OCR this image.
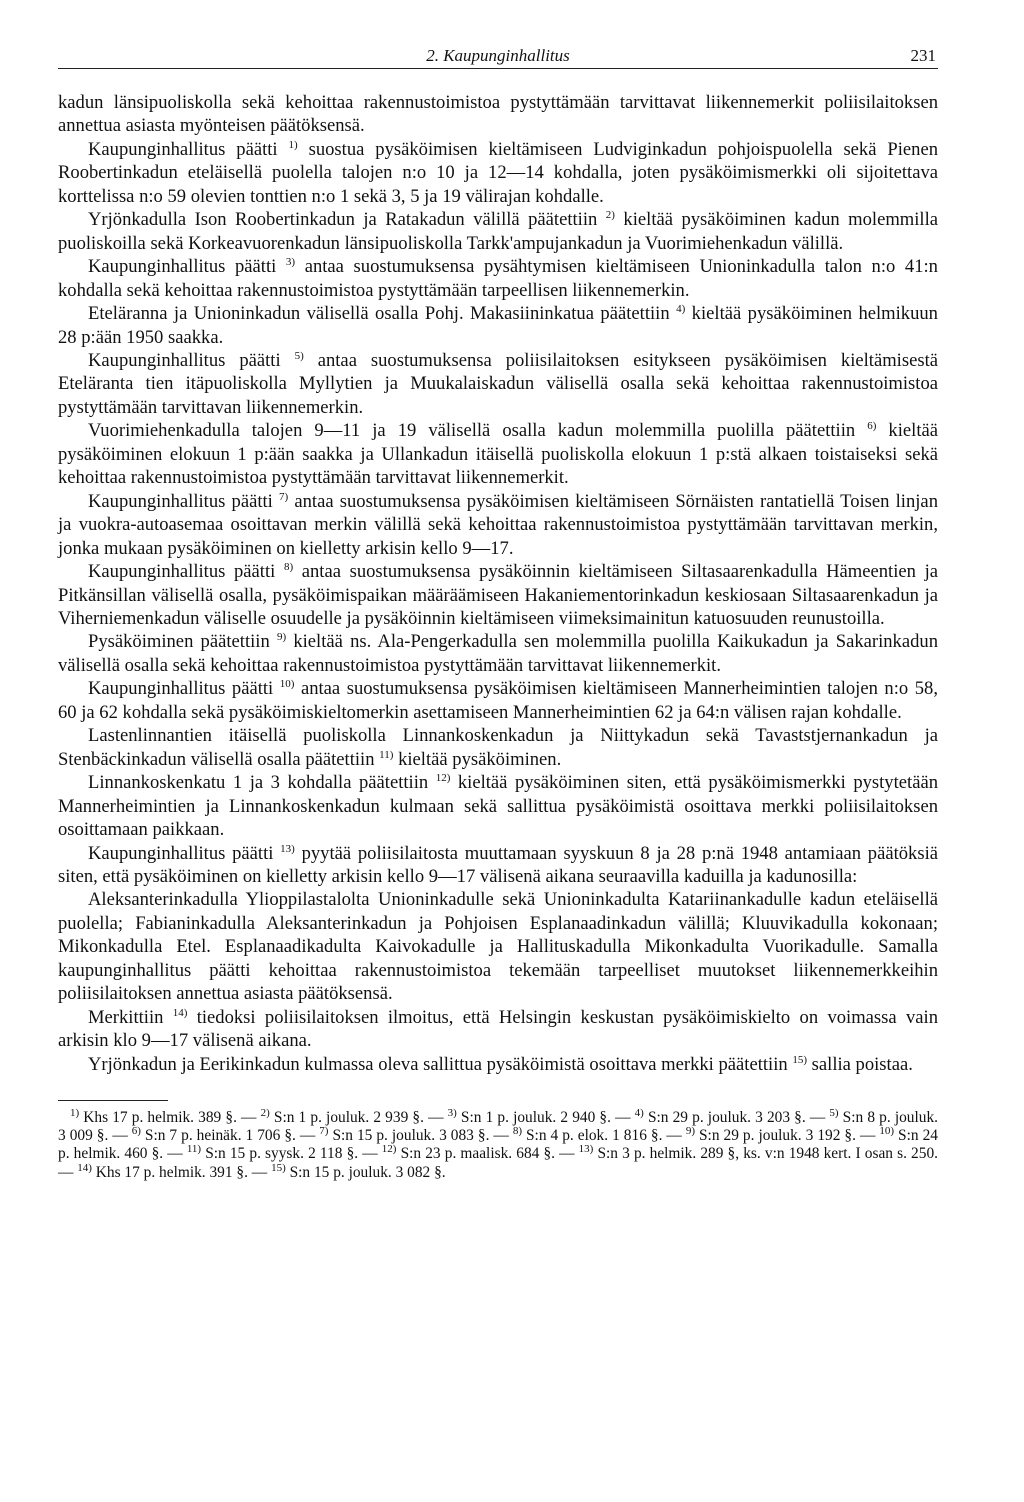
2. Kaupunginhallitus	231

kadun länsipuoliskolla sekä kehoittaa rakennustoimistoa pystyttämään tarvittavat liikennemerkit poliisilaitoksen annettua asiasta myönteisen päätöksensä.

Kaupunginhallitus päätti $^{1)}$ suostua pysäköimisen kieltämiseen Ludviginkadun pohjoispuolella sekä Pienen Roobertinkadun eteläisellä puolella talojen n:o 10 ja 12—14 kohdalla, joten pysäköimismerkki oli sijoitettava korttelissa n:o 59 olevien tonttien n:o 1 sekä 3, 5 ja 19 välirajan kohdalle.

Yrjönkadulla Ison Roobertinkadun ja Ratakadun välillä päätettiin $^{2)}$ kieltää pysäköiminen kadun molemmilla puoliskoilla sekä Korkeavuorenkadun länsipuoliskolla Tarkk'ampujankadun ja Vuorimiehenkadun välillä.

Kaupunginhallitus päätti $^{3)}$ antaa suostumuksensa pysähtymisen kieltämiseen Unioninkadulla talon n:o 41:n kohdalla sekä kehoittaa rakennustoimistoa pystyttämään tarpeellisen liikennemerkin.

Eteläranna ja Unioninkadun välisellä osalla Pohj. Makasiininkatua päätettiin $^{4)}$ kieltää pysäköiminen helmikuun 28 p:ään 1950 saakka.

Kaupunginhallitus päätti $^{5)}$ antaa suostumuksensa poliisilaitoksen esitykseen pysäköimisen kieltämisestä Eteläranta tien itäpuoliskolla Myllytien ja Muukalaiskadun välisellä osalla sekä kehoittaa rakennustoimistoa pystyttämään tarvittavan liikennemerkin.

Vuorimiehenkadulla talojen 9—11 ja 19 välisellä osalla kadun molemmilla puolilla päätettiin $^{6)}$ kieltää pysäköiminen elokuun 1 p:ään saakka ja Ullankadun itäisellä puoliskolla elokuun 1 p:stä alkaen toistaiseksi sekä kehoittaa rakennustoimistoa pystyttämään tarvittavat liikennemerkit.

Kaupunginhallitus päätti $^{7)}$ antaa suostumuksensa pysäköimisen kieltämiseen Sörnäisten rantatiellä Toisen linjan ja vuokra-autoasemaa osoittavan merkin välillä sekä kehoittaa rakennustoimistoa pystyttämään tarvittavan merkin, jonka mukaan pysäköiminen on kielletty arkisin kello 9—17.

Kaupunginhallitus päätti $^{8)}$ antaa suostumuksensa pysäköinnin kieltämiseen Siltasaarenkadulla Hämeentien ja Pitkänsillan välisellä osalla, pysäköimispaikan määräämiseen Hakaniementorinkadun keskiosaan Siltasaarenkadun ja Viherniemenkadun väliselle osuudelle ja pysäköinnin kieltämiseen viimeksimainitun katuosuuden reunustoilla.

Pysäköiminen päätettiin $^{9)}$ kieltää ns. Ala-Pengerkadulla sen molemmilla puolilla Kaikukadun ja Sakarinkadun välisellä osalla sekä kehoittaa rakennustoimistoa pystyttämään tarvittavat liikennemerkit.

Kaupunginhallitus päätti $^{10)}$ antaa suostumuksensa pysäköimisen kieltämiseen Mannerheimintien talojen n:o 58, 60 ja 62 kohdalla sekä pysäköimiskieltomerkin asettamiseen Mannerheimintien 62 ja 64:n välisen rajan kohdalle.

Lastenlinnantien itäisellä puoliskolla Linnankoskenkadun ja Niittykadun sekä Tavaststjernankadun ja Stenbäckinkadun välisellä osalla päätettiin $^{11)}$ kieltää pysäköiminen.

Linnankoskenkatu 1 ja 3 kohdalla päätettiin $^{12)}$ kieltää pysäköiminen siten, että pysäköimismerkki pystytetään Mannerheimintien ja Linnankoskenkadun kulmaan sekä sallittua pysäköimistä osoittava merkki poliisilaitoksen osoittamaan paikkaan.

Kaupunginhallitus päätti $^{13)}$ pyytää poliisilaitosta muuttamaan syyskuun 8 ja 28 p:nä 1948 antamiaan päätöksiä siten, että pysäköiminen on kielletty arkisin kello 9—17 välisenä aikana seuraavilla kaduilla ja kadunosilla:

Aleksanterinkadulla Ylioppilastalolta Unioninkadulle sekä Unioninkadulta Katariinankadulle kadun eteläisellä puolella; Fabianinkadulla Aleksanterinkadun ja Pohjoisen Esplanaadinkadun välillä; Kluuvikadulla kokonaan; Mikonkadulla Etel. Esplanaadikadulta Kaivokadulle ja Hallituskadulla Mikonkadulta Vuorikadulle. Samalla kaupunginhallitus päätti kehoittaa rakennustoimistoa tekemään tarpeelliset muutokset liikennemerkkeihin poliisilaitoksen annettua asiasta päätöksensä.

Merkittiin $^{14)}$ tiedoksi poliisilaitoksen ilmoitus, että Helsingin keskustan pysäköimiskielto on voimassa vain arkisin klo 9—17 välisenä aikana.

Yrjönkadun ja Eerikinkadun kulmassa oleva sallittua pysäköimistä osoittava merkki päätettiin $^{15)}$ sallia poistaa.

$^{1)}$ Khs 17 p. helmik. 389 §. — $^{2)}$ S:n 1 p. jouluk. 2 939 §. — $^{3)}$ S:n 1 p. jouluk. 2 940 §. — $^{4)}$ S:n 29 p. jouluk. 3 203 §. — $^{5)}$ S:n 8 p. jouluk. 3 009 §. — $^{6)}$ S:n 7 p. heinäk. 1 706 §. — $^{7)}$ S:n 15 p. jouluk. 3 083 §. — $^{8)}$ S:n 4 p. elok. 1 816 §. — $^{9)}$ S:n 29 p. jouluk. 3 192 §. — $^{10)}$ S:n 24 p. helmik. 460 §. — $^{11)}$ S:n 15 p. syysk. 2 118 §. — $^{12)}$ S:n 23 p. maalisk. 684 §. — $^{13)}$ S:n 3 p. helmik. 289 §, ks. v:n 1948 kert. I osan s. 250. — $^{14)}$ Khs 17 p. helmik. 391 §. — $^{15)}$ S:n 15 p. jouluk. 3 082 §.
